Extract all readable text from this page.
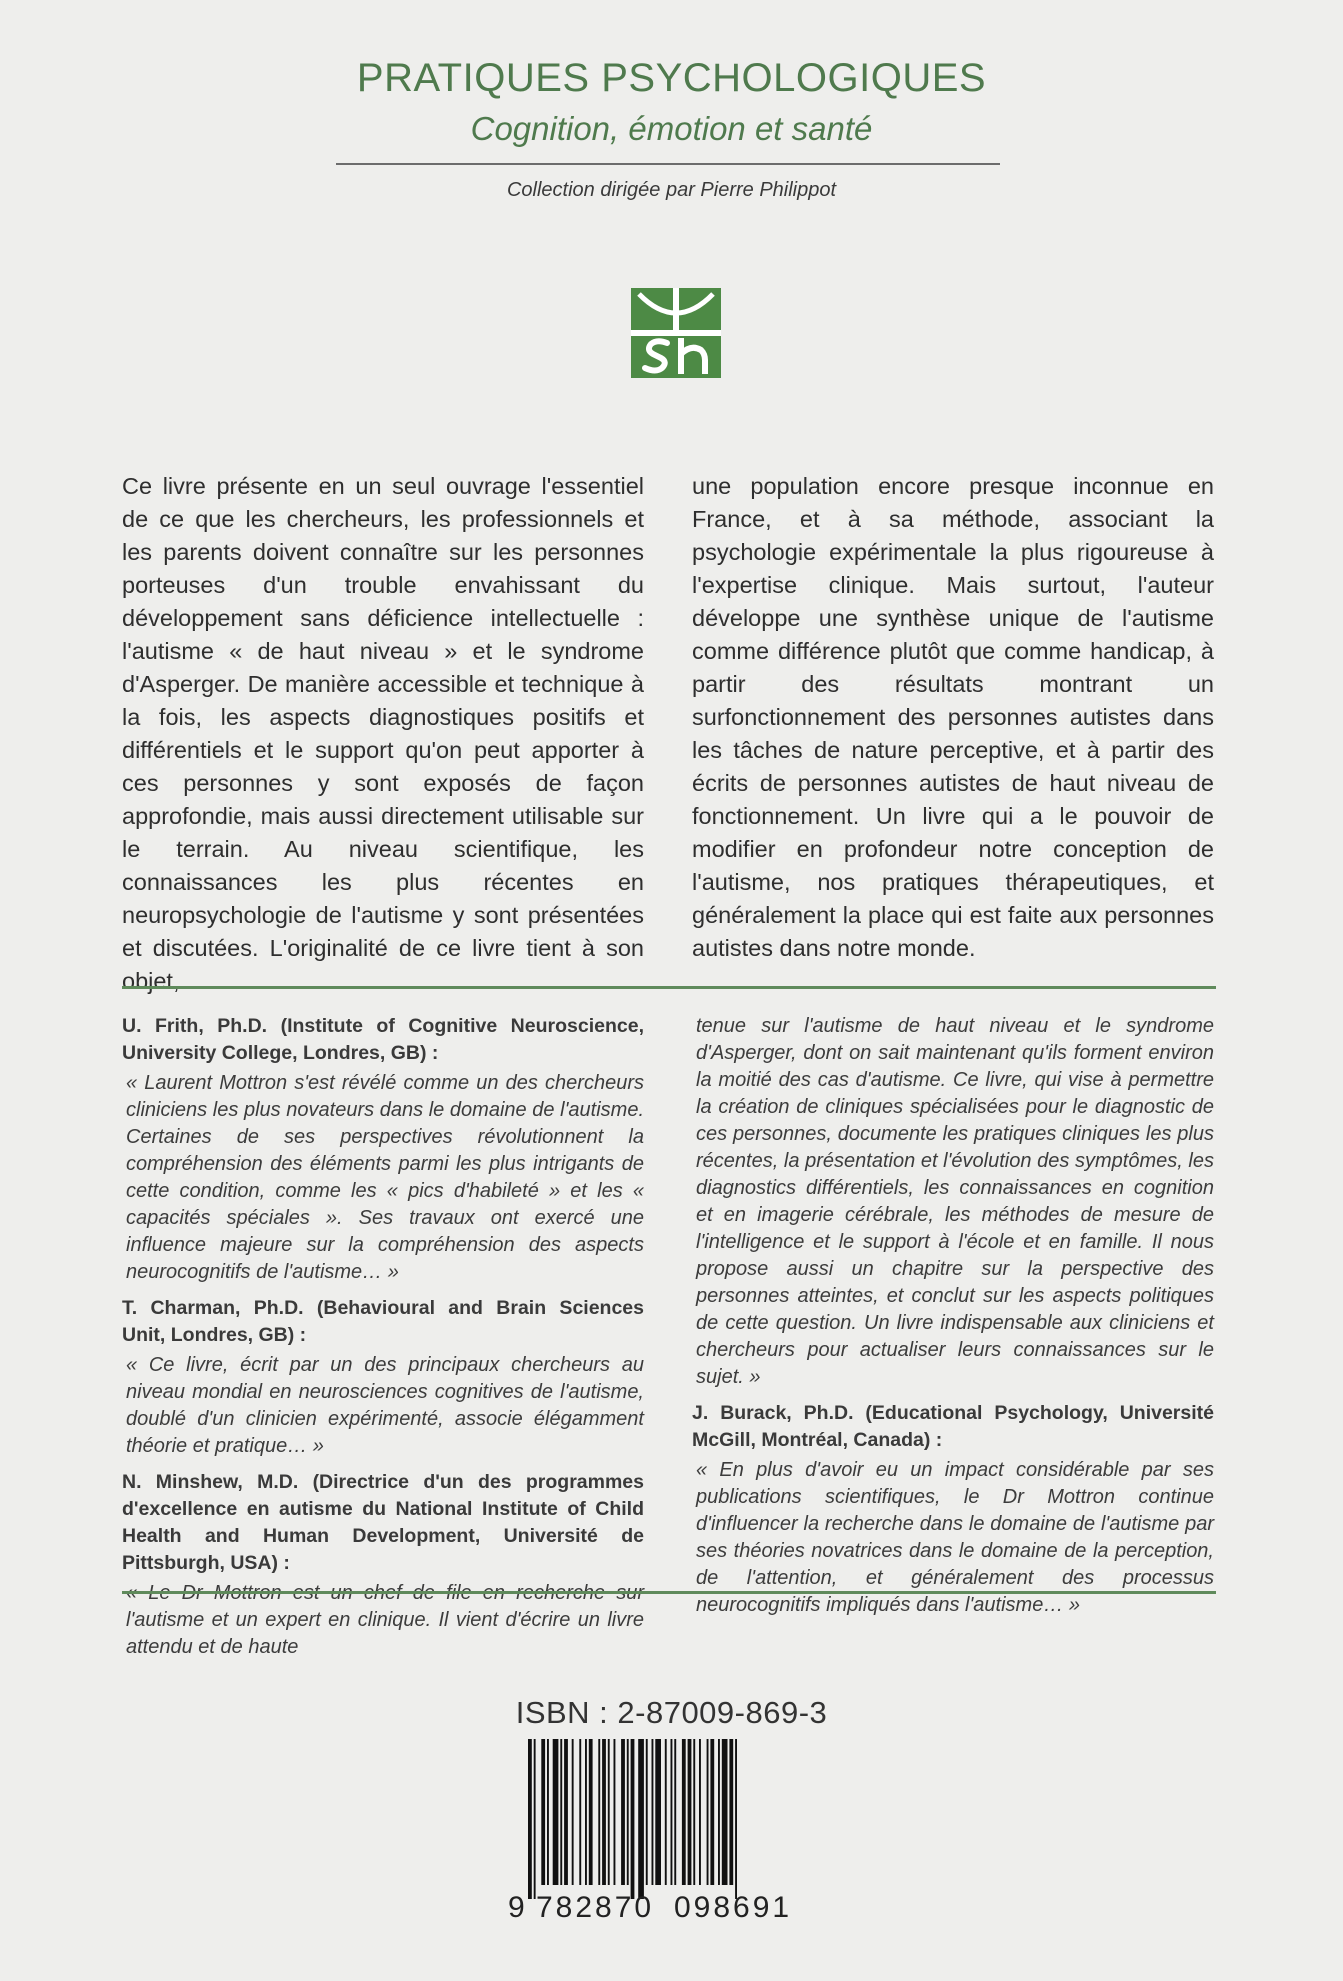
PRATIQUES PSYCHOLOGIQUES
Cognition, émotion et santé
Collection dirigée par Pierre Philippot
Ce livre présente en un seul ouvrage l'essentiel de ce que les chercheurs, les professionnels et les parents doivent connaître sur les personnes porteuses d'un trouble envahissant du développement sans déficience intellectuelle : l'autisme « de haut niveau » et le syndrome d'Asperger. De manière accessible et technique à la fois, les aspects diagnostiques positifs et différentiels et le support qu'on peut apporter à ces personnes y sont exposés de façon approfondie, mais aussi directement utilisable sur le terrain. Au niveau scientifique, les connaissances les plus récentes en neuropsychologie de l'autisme y sont présentées et discutées. L'originalité de ce livre tient à son objet,
une population encore presque inconnue en France, et à sa méthode, associant la psychologie expérimentale la plus rigoureuse à l'expertise clinique. Mais surtout, l'auteur développe une synthèse unique de l'autisme comme différence plutôt que comme handicap, à partir des résultats montrant un surfonctionnement des personnes autistes dans les tâches de nature perceptive, et à partir des écrits de personnes autistes de haut niveau de fonctionnement. Un livre qui a le pouvoir de modifier en profondeur notre conception de l'autisme, nos pratiques thérapeutiques, et généralement la place qui est faite aux personnes autistes dans notre monde.
U. Frith, Ph.D. (Institute of Cognitive Neuroscience, University College, Londres, GB) :
« Laurent Mottron s'est révélé comme un des chercheurs cliniciens les plus novateurs dans le domaine de l'autisme. Certaines de ses perspectives révolutionnent la compréhension des éléments parmi les plus intrigants de cette condition, comme les « pics d'habileté » et les « capacités spéciales ». Ses travaux ont exercé une influence majeure sur la compréhension des aspects neurocognitifs de l'autisme… »
T. Charman, Ph.D. (Behavioural and Brain Sciences Unit, Londres, GB) :
« Ce livre, écrit par un des principaux chercheurs au niveau mondial en neurosciences cognitives de l'autisme, doublé d'un clinicien expérimenté, associe élégamment théorie et pratique… »
N. Minshew, M.D. (Directrice d'un des programmes d'excellence en autisme du National Institute of Child Health and Human Development, Université de Pittsburgh, USA) :
« Le Dr Mottron est un chef de file en recherche sur l'autisme et un expert en clinique. Il vient d'écrire un livre attendu et de haute
tenue sur l'autisme de haut niveau et le syndrome d'Asperger, dont on sait maintenant qu'ils forment environ la moitié des cas d'autisme. Ce livre, qui vise à permettre la création de cliniques spécialisées pour le diagnostic de ces personnes, documente les pratiques cliniques les plus récentes, la présentation et l'évolution des symptômes, les diagnostics différentiels, les connaissances en cognition et en imagerie cérébrale, les méthodes de mesure de l'intelligence et le support à l'école et en famille. Il nous propose aussi un chapitre sur la perspective des personnes atteintes, et conclut sur les aspects politiques de cette question. Un livre indispensable aux cliniciens et chercheurs pour actualiser leurs connaissances sur le sujet. »
J. Burack, Ph.D. (Educational Psychology, Université McGill, Montréal, Canada) :
« En plus d'avoir eu un impact considérable par ses publications scientifiques, le Dr Mottron continue d'influencer la recherche dans le domaine de l'autisme par ses théories novatrices dans le domaine de la perception, de l'attention, et généralement des processus neurocognitifs impliqués dans l'autisme… »
ISBN : 2-87009-869-3
9 782870 098691
